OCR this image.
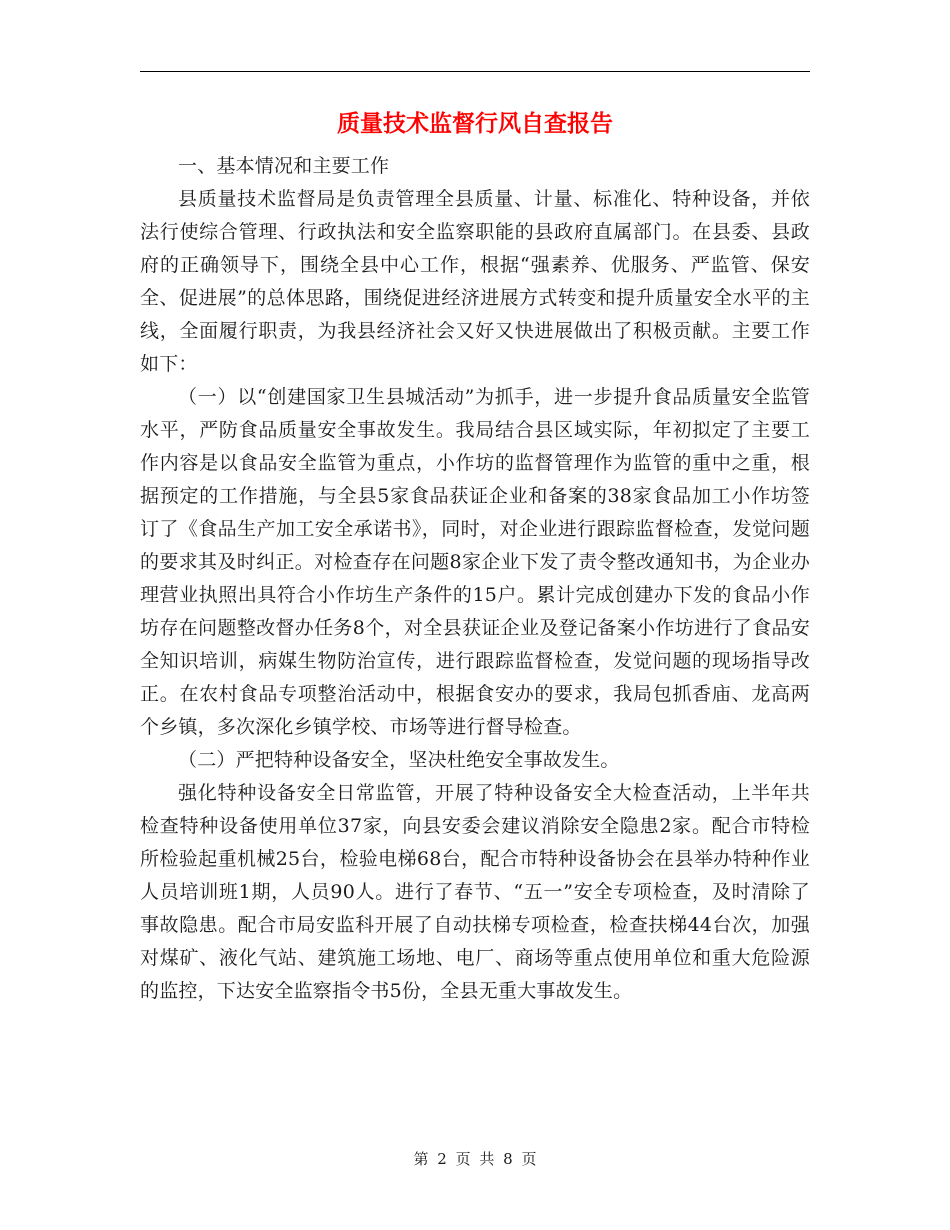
质量技术监督行风自查报告

一、基本情况和主要工作

县质量技术监督局是负责管理全县质量、计量、标准化、特种设备，并依法行使综合管理、行政执法和安全监察职能的县政府直属部门。在县委、县政府的正确领导下，围绕全县中心工作，根据“强素养、优服务、严监管、保安全、促进展”的总体思路，围绕促进经济进展方式转变和提升质量安全水平的主线，全面履行职责，为我县经济社会又好又快进展做出了积极贡献。主要工作如下：

（一）以“创建国家卫生县城活动”为抓手，进一步提升食品质量安全监管水平，严防食品质量安全事故发生。我局结合县区域实际，年初拟定了主要工作内容是以食品安全监管为重点，小作坊的监督管理作为监管的重中之重，根据预定的工作措施，与全县5家食品获证企业和备案的38家食品加工小作坊签订了《食品生产加工安全承诺书》，同时，对企业进行跟踪监督检查，发觉问题的要求其及时纠正。对检查存在问题8家企业下发了责令整改通知书，为企业办理营业执照出具符合小作坊生产条件的15户。累计完成创建办下发的食品小作坊存在问题整改督办任务8个，对全县获证企业及登记备案小作坊进行了食品安全知识培训，病媒生物防治宣传，进行跟踪监督检查，发觉问题的现场指导改正。在农村食品专项整治活动中，根据食安办的要求，我局包抓香庙、龙高两个乡镇，多次深化乡镇学校、市场等进行督导检查。

（二）严把特种设备安全，坚决杜绝安全事故发生。

强化特种设备安全日常监管，开展了特种设备安全大检查活动，上半年共检查特种设备使用单位37家，向县安委会建议消除安全隐患2家。配合市特检所检验起重机械25台，检验电梯68台，配合市特种设备协会在县举办特种作业人员培训班1期，人员90人。进行了春节、“五一”安全专项检查，及时清除了事故隐患。配合市局安监科开展了自动扶梯专项检查，检查扶梯44台次，加强对煤矿、液化气站、建筑施工场地、电厂、商场等重点使用单位和重大危险源的监控，下达安全监察指令书5份，全县无重大事故发生。

第 2 页 共 8 页
